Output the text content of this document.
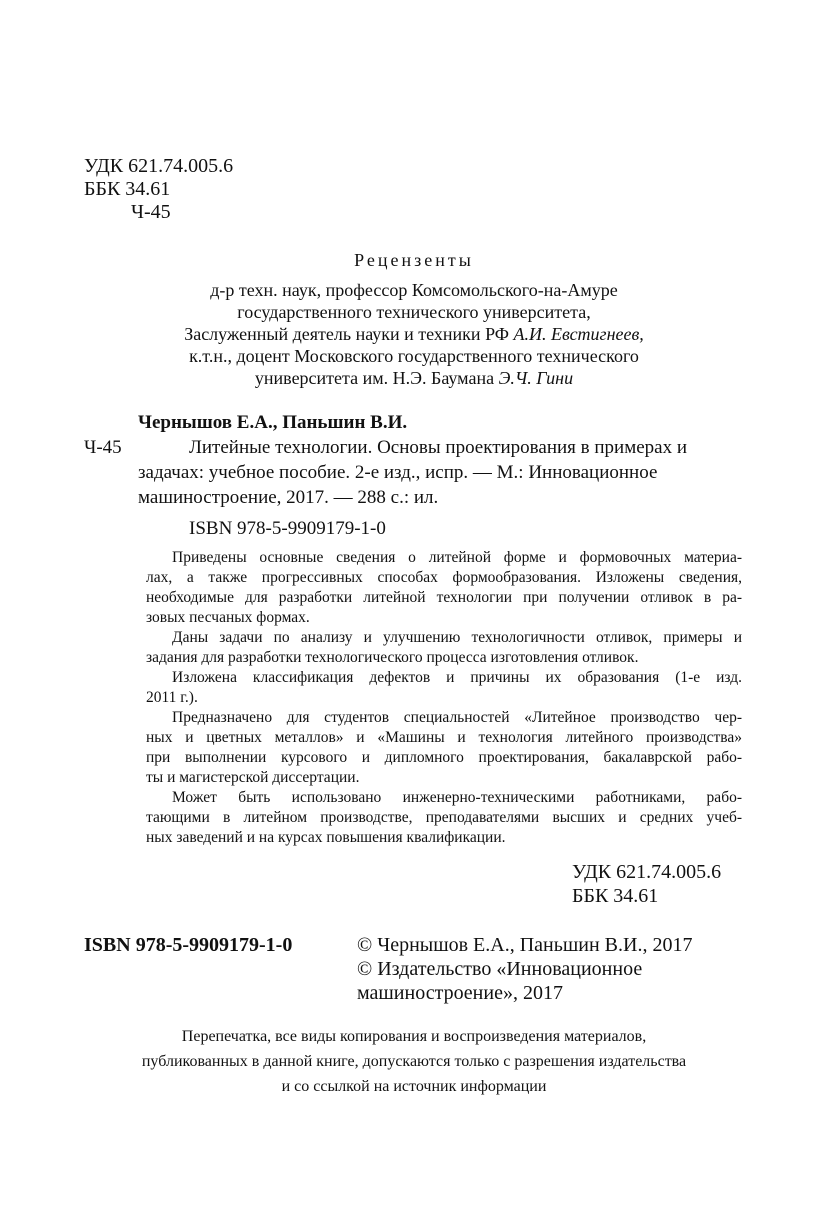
УДК 621.74.005.6

ББК 34.61

Ч-45

Рецензенты

д-р техн. наук, профессор Комсомольского-на-Амуре

государственного технического университета,

Заслуженный деятель науки и техники РФ А.И. Евстигнеев,

к.т.н., доцент Московского государственного технического

университета им. Н.Э. Баумана Э.Ч. Гини

Чернышов Е.А., Паньшин В.И.

Ч-45	Литейные технологии. Основы проектирования в примерах и

задачах: учебное пособие. 2-е изд., испр. — М.: Инновационное

машиностроение, 2017. — 288 с.: ил.

ISBN 978-5-9909179-1-0

Приведены основные сведения о литейной форме и формовочных материа-
лах, а также прогрессивных способах формообразования. Изложены сведения,
необходимые для разработки литейной технологии при получении отливок в ра-
зовых песчаных формах.
Даны задачи по анализу и улучшению технологичности отливок, примеры и
задания для разработки технологического процесса изготовления отливок.
Изложена классификация дефектов и причины их образования (1-е изд.
2011 г.).
Предназначено для студентов специальностей «Литейное производство чер-
ных и цветных металлов» и «Машины и технология литейного производства»
при выполнении курсового и дипломного проектирования, бакалаврской рабо-
ты и магистерской диссертации.
Может быть использовано инженерно-техническими работниками, рабо-
тающими в литейном производстве, преподавателями высших и средних учеб-
ных заведений и на курсах повышения квалификации.

УДК 621.74.005.6

ББК 34.61

ISBN 978-5-9909179-1-0	© Чернышов Е.А., Паньшин В.И., 2017

© Издательство «Инновационное

машиностроение», 2017

Перепечатка, все виды копирования и воспроизведения материалов,

публикованных в данной книге, допускаются только с разрешения издательства

и со ссылкой на источник информации
